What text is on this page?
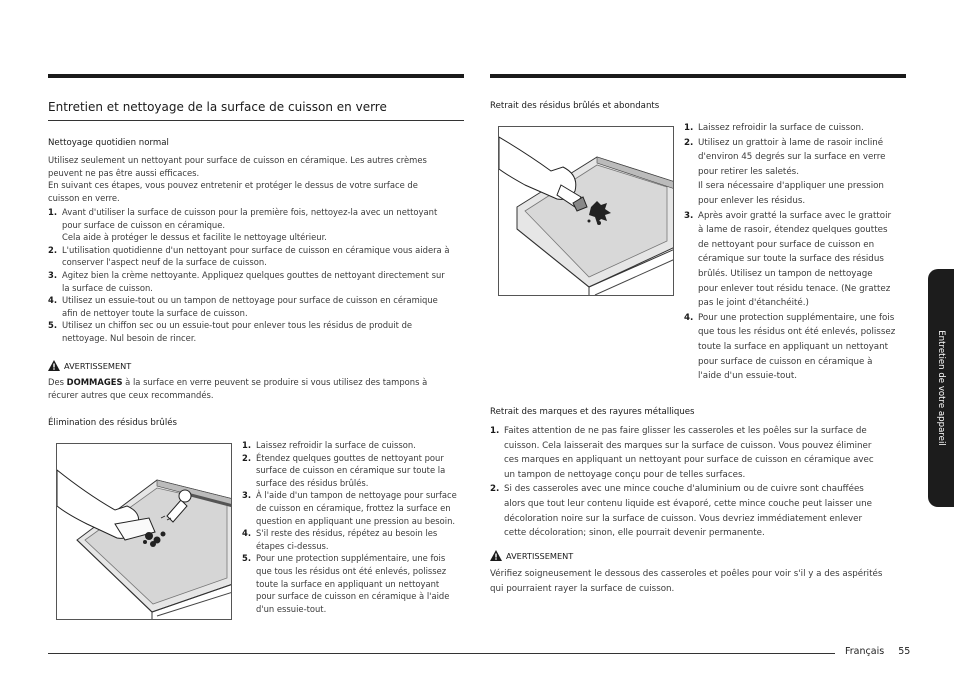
Entretien et nettoyage de la surface de cuisson en verre
Nettoyage quotidien normal
Utilisez seulement un nettoyant pour surface de cuisson en céramique. Les autres crèmes
peuvent ne pas être aussi efficaces.
En suivant ces étapes, vous pouvez entretenir et protéger le dessus de votre surface de
cuisson en verre.
1. Avant d'utiliser la surface de cuisson pour la première fois, nettoyez-la avec un nettoyant
pour surface de cuisson en céramique.
Cela aide à protéger le dessus et facilite le nettoyage ultérieur.
2. L'utilisation quotidienne d'un nettoyant pour surface de cuisson en céramique vous aidera à
conserver l'aspect neuf de la surface de cuisson.
3. Agitez bien la crème nettoyante. Appliquez quelques gouttes de nettoyant directement sur
la surface de cuisson.
4. Utilisez un essuie-tout ou un tampon de nettoyage pour surface de cuisson en céramique
afin de nettoyer toute la surface de cuisson.
5. Utilisez un chiffon sec ou un essuie-tout pour enlever tous les résidus de produit de
nettoyage. Nul besoin de rincer.
AVERTISSEMENT
Des DOMMAGES à la surface en verre peuvent se produire si vous utilisez des tampons à
récurer autres que ceux recommandés.
Élimination des résidus brûlés
1. Laissez refroidir la surface de cuisson.
2. Étendez quelques gouttes de nettoyant pour
surface de cuisson en céramique sur toute la
surface des résidus brûlés.
3. À l'aide d'un tampon de nettoyage pour surface
de cuisson en céramique, frottez la surface en
question en appliquant une pression au besoin.
4. S'il reste des résidus, répétez au besoin les
étapes ci-dessus.
5. Pour une protection supplémentaire, une fois
que tous les résidus ont été enlevés, polissez
toute la surface en appliquant un nettoyant
pour surface de cuisson en céramique à l'aide
d'un essuie-tout.
Retrait des résidus brûlés et abondants
1. Laissez refroidir la surface de cuisson.
2. Utilisez un grattoir à lame de rasoir incliné
d'environ 45 degrés sur la surface en verre
pour retirer les saletés.
Il sera nécessaire d'appliquer une pression
pour enlever les résidus.
3. Après avoir gratté la surface avec le grattoir
à lame de rasoir, étendez quelques gouttes
de nettoyant pour surface de cuisson en
céramique sur toute la surface des résidus
brûlés. Utilisez un tampon de nettoyage
pour enlever tout résidu tenace. (Ne grattez
pas le joint d'étanchéité.)
4. Pour une protection supplémentaire, une fois
que tous les résidus ont été enlevés, polissez
toute la surface en appliquant un nettoyant
pour surface de cuisson en céramique à
l'aide d'un essuie-tout.
Retrait des marques et des rayures métalliques
1. Faites attention de ne pas faire glisser les casseroles et les poêles sur la surface de
cuisson. Cela laisserait des marques sur la surface de cuisson. Vous pouvez éliminer
ces marques en appliquant un nettoyant pour surface de cuisson en céramique avec
un tampon de nettoyage conçu pour de telles surfaces.
2. Si des casseroles avec une mince couche d'aluminium ou de cuivre sont chauffées
alors que tout leur contenu liquide est évaporé, cette mince couche peut laisser une
décoloration noire sur la surface de cuisson. Vous devriez immédiatement enlever
cette décoloration; sinon, elle pourrait devenir permanente.
AVERTISSEMENT
Vérifiez soigneusement le dessous des casseroles et poêles pour voir s'il y a des aspérités
qui pourraient rayer la surface de cuisson.
Entretien de votre appareil
Français 55
